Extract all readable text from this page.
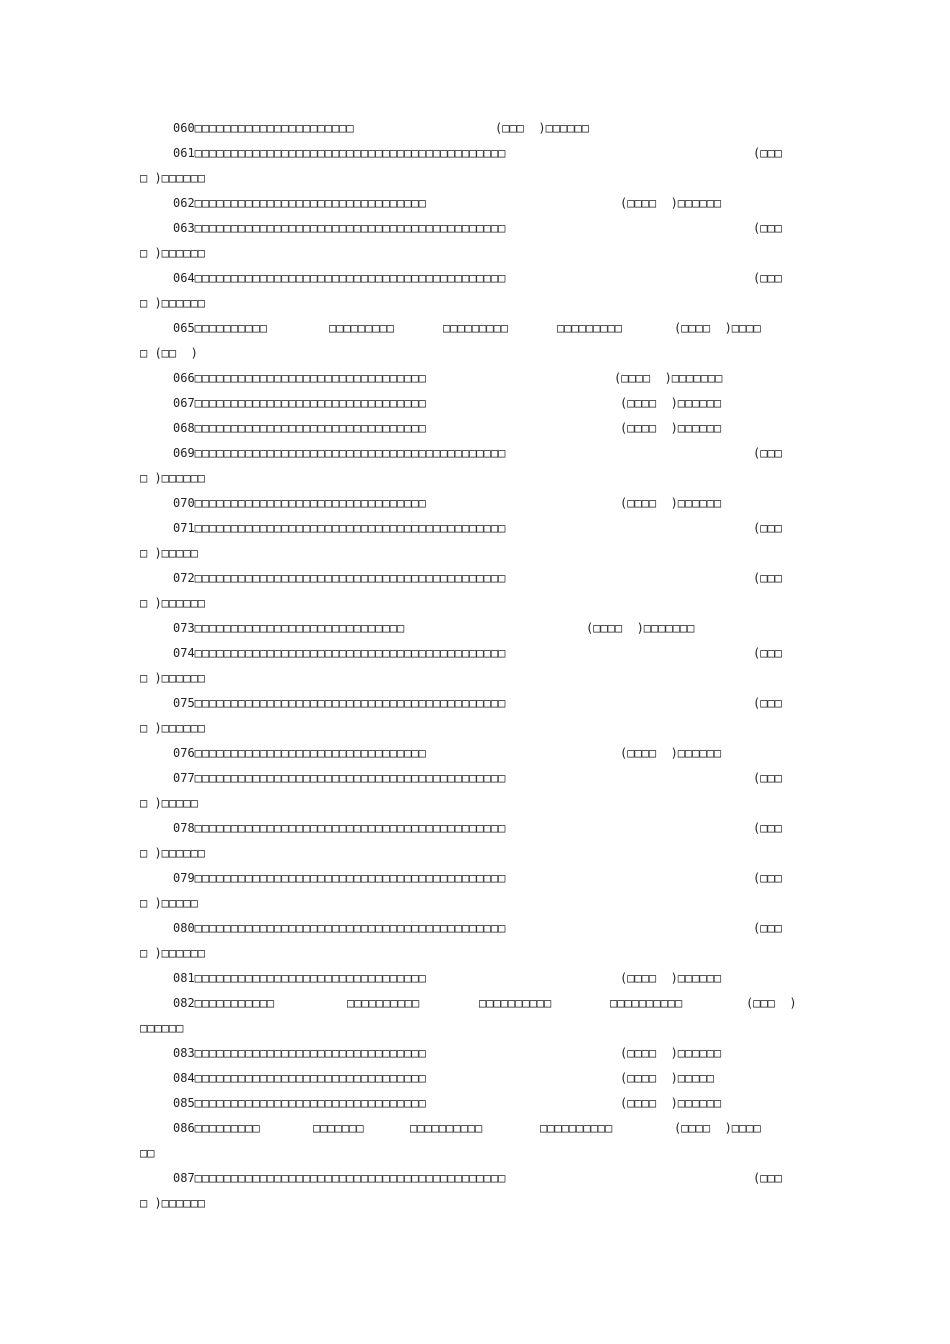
060□□□□□□□□□□□□□□□□□□□□□□	(□□□  )□□□□□□
061□□□□□□□□□□□□□□□□□□□□□□□□□□□□□□□□□□□□□□□□□□□	(□□□
□ )□□□□□□
062□□□□□□□□□□□□□□□□□□□□□□□□□□□□□□□□	(□□□□  )□□□□□□
063□□□□□□□□□□□□□□□□□□□□□□□□□□□□□□□□□□□□□□□□□□□	(□□□
□ )□□□□□□
064□□□□□□□□□□□□□□□□□□□□□□□□□□□□□□□□□□□□□□□□□□□	(□□□
□ )□□□□□□
065□□□□□□□□□□	□□□□□□□□□	□□□□□□□□□	□□□□□□□□□	(□□□□  )□□□□
□ (□□  )
066□□□□□□□□□□□□□□□□□□□□□□□□□□□□□□□□	(□□□□  )□□□□□□□
067□□□□□□□□□□□□□□□□□□□□□□□□□□□□□□□□	(□□□□  )□□□□□□
068□□□□□□□□□□□□□□□□□□□□□□□□□□□□□□□□	(□□□□  )□□□□□□
069□□□□□□□□□□□□□□□□□□□□□□□□□□□□□□□□□□□□□□□□□□□	(□□□
□ )□□□□□□
070□□□□□□□□□□□□□□□□□□□□□□□□□□□□□□□□	(□□□□  )□□□□□□
071□□□□□□□□□□□□□□□□□□□□□□□□□□□□□□□□□□□□□□□□□□□	(□□□
□ )□□□□□
072□□□□□□□□□□□□□□□□□□□□□□□□□□□□□□□□□□□□□□□□□□□	(□□□
□ )□□□□□□
073□□□□□□□□□□□□□□□□□□□□□□□□□□□□□	(□□□□  )□□□□□□□
074□□□□□□□□□□□□□□□□□□□□□□□□□□□□□□□□□□□□□□□□□□□	(□□□
□ )□□□□□□
075□□□□□□□□□□□□□□□□□□□□□□□□□□□□□□□□□□□□□□□□□□□	(□□□
□ )□□□□□□
076□□□□□□□□□□□□□□□□□□□□□□□□□□□□□□□□	(□□□□  )□□□□□□
077□□□□□□□□□□□□□□□□□□□□□□□□□□□□□□□□□□□□□□□□□□□	(□□□
□ )□□□□□
078□□□□□□□□□□□□□□□□□□□□□□□□□□□□□□□□□□□□□□□□□□□	(□□□
□ )□□□□□□
079□□□□□□□□□□□□□□□□□□□□□□□□□□□□□□□□□□□□□□□□□□□	(□□□
□ )□□□□□
080□□□□□□□□□□□□□□□□□□□□□□□□□□□□□□□□□□□□□□□□□□□	(□□□
□ )□□□□□□
081□□□□□□□□□□□□□□□□□□□□□□□□□□□□□□□□	(□□□□  )□□□□□□
082□□□□□□□□□□□	□□□□□□□□□□	□□□□□□□□□□	□□□□□□□□□□	(□□□  )
□□□□□□
083□□□□□□□□□□□□□□□□□□□□□□□□□□□□□□□□	(□□□□  )□□□□□□
084□□□□□□□□□□□□□□□□□□□□□□□□□□□□□□□□	(□□□□  )□□□□□
085□□□□□□□□□□□□□□□□□□□□□□□□□□□□□□□□	(□□□□  )□□□□□□
086□□□□□□□□□	□□□□□□□	□□□□□□□□□□	□□□□□□□□□□	(□□□□  )□□□□
□□
087□□□□□□□□□□□□□□□□□□□□□□□□□□□□□□□□□□□□□□□□□□□	(□□□
□ )□□□□□□
